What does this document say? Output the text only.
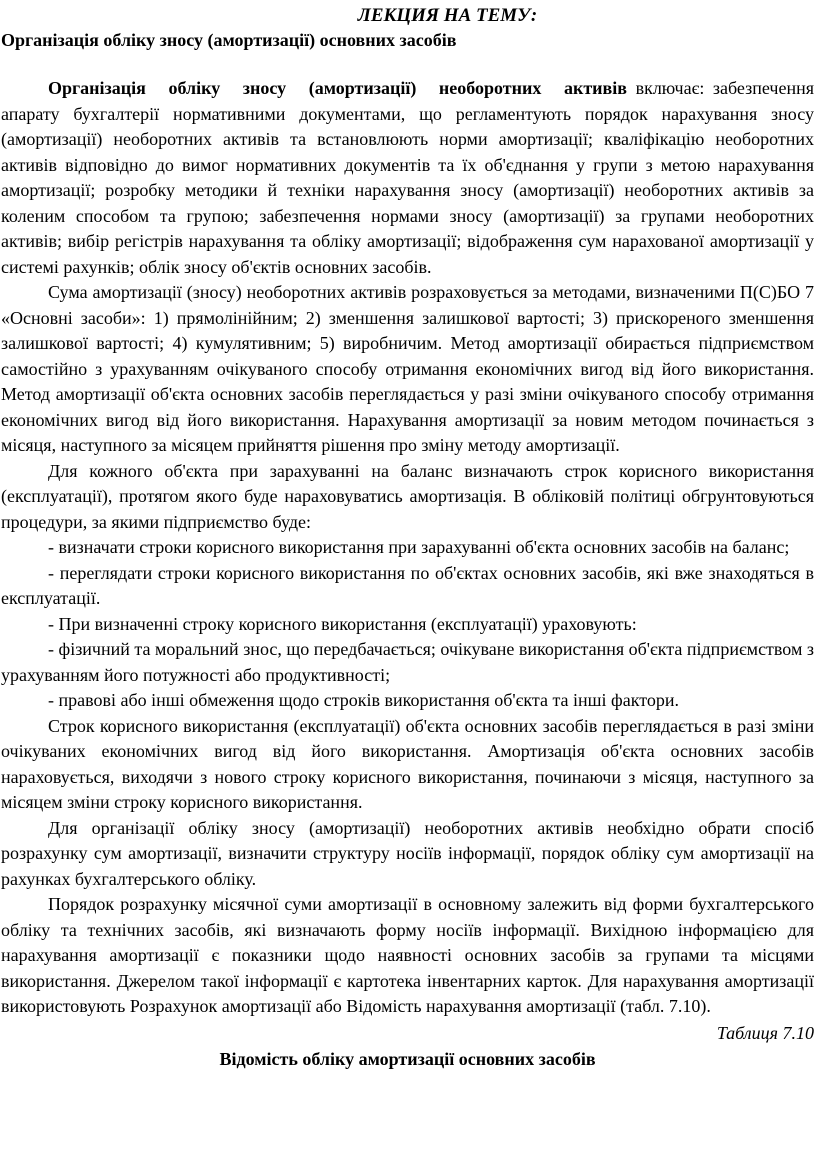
ЛЕКЦИЯ НА ТЕМУ:
Організація обліку зносу (амортизації) основних засобів

Організація обліку зносу (амортизації) необоротних активів включає: забезпечення апарату бухгалтерії нормативними документами, що регламентують порядок нарахування зносу (амортизації) необоротних активів та встановлюють норми амортизації; кваліфікацію необоротних активів відповідно до вимог нормативних документів та їх об'єднання у групи з метою нарахування амортизації; розробку методики й техніки нарахування зносу (амортизації) необоротних активів за коленим способом та групою; забезпечення нормами зносу (амортизації) за групами необоротних активів; вибір регістрів нарахування та обліку амортизації; відображення сум нарахованої амортизації у системі рахунків; облік зносу об'єктів основних засобів.

Сума амортизації (зносу) необоротних активів розраховується за методами, визначеними П(С)БО 7 «Основні засоби»: 1) прямолінійним; 2) зменшення залишкової вартості; 3) прискореного зменшення залишкової вартості; 4) кумулятивним; 5) виробничим. Метод амортизації обирається підприємством самостійно з урахуванням очікуваного способу отримання економічних вигод від його використання. Метод амортизації об'єкта основних засобів переглядається у разі зміни очікуваного способу отримання економічних вигод від його використання. Нарахування амортизації за новим методом починається з місяця, наступного за місяцем прийняття рішення про зміну методу амортизації.

Для кожного об'єкта при зарахуванні на баланс визначають строк корисного використання (експлуатації), протягом якого буде нараховуватись амортизація. В обліковій політиці обгрунтовуються процедури, за якими підприємство буде:

- визначати строки корисного використання при зарахуванні об'єкта основних засобів на баланс;

- переглядати строки корисного використання по об'єктах основних засобів, які вже знаходяться в експлуатації.

- При визначенні строку корисного використання (експлуатації) ураховують:

- фізичний та моральний знос, що передбачається; очікуване використання об'єкта підприємством з урахуванням його потужності або продуктивності;

- правові або інші обмеження щодо строків використання об'єкта та інші фактори.

Строк корисного використання (експлуатації) об'єкта основних засобів переглядається в разі зміни очікуваних економічних вигод від його використання. Амортизація об'єкта основних засобів нараховується, виходячи з нового строку корисного використання, починаючи з місяця, наступного за місяцем зміни строку корисного використання.

Для організації обліку зносу (амортизації) необоротних активів необхідно обрати спосіб розрахунку сум амортизації, визначити структуру носіїв інформації, порядок обліку сум амортизації на рахунках бухгалтерського обліку.

Порядок розрахунку місячної суми амортизації в основному залежить від форми бухгалтерського обліку та технічних засобів, які визначають форму носіїв інформації. Вихідною інформацією для нарахування амортизації є показники щодо наявності основних засобів за групами та місцями використання. Джерелом такої інформації є картотека інвентарних карток. Для нарахування амортизації використовують Розрахунок амортизації або Відомість нарахування амортизації (табл. 7.10).

Таблиця 7.10
Відомість обліку амортизації основних засобів
